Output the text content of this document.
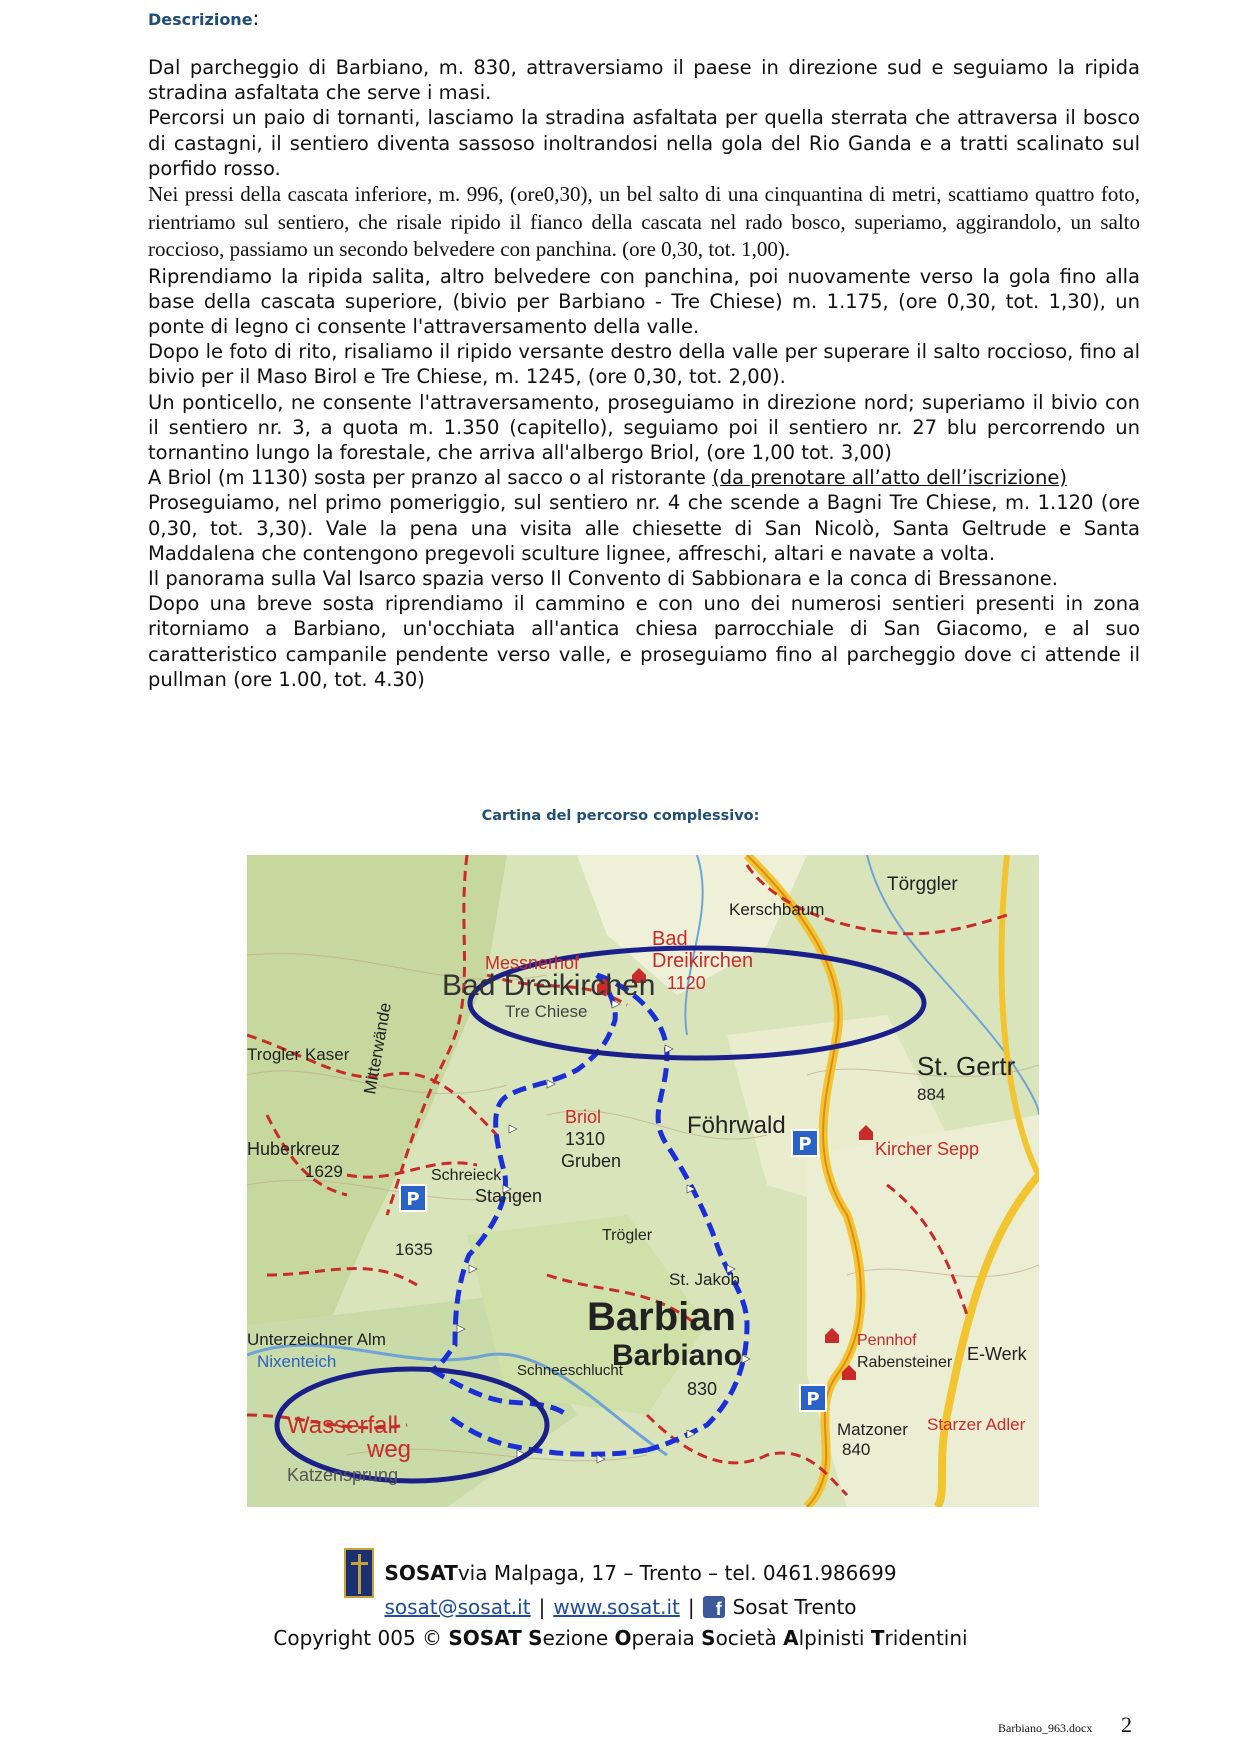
Descrizione:

Dal parcheggio di Barbiano, m. 830, attraversiamo il paese in direzione sud e seguiamo la ripida stradina asfaltata che serve i masi.

Percorsi un paio di tornanti, lasciamo la stradina asfaltata per quella sterrata che attraversa il bosco di castagni, il sentiero diventa sassoso inoltrandosi nella gola del Rio Ganda e a tratti scalinato sul porfido rosso.

Nei pressi della cascata inferiore, m. 996, (ore0,30), un bel salto di una cinquantina di metri, scattiamo quattro foto, rientriamo sul sentiero, che risale ripido il fianco della cascata nel rado bosco, superiamo, aggirandolo, un salto roccioso, passiamo un secondo belvedere con panchina. (ore 0,30, tot. 1,00).

Riprendiamo la ripida salita, altro belvedere con panchina, poi nuovamente verso la gola fino alla base della cascata superiore, (bivio per Barbiano - Tre Chiese) m. 1.175, (ore 0,30, tot. 1,30), un ponte di legno ci consente l'attraversamento della valle.

Dopo le foto di rito, risaliamo il ripido versante destro della valle per superare il salto roccioso, fino al bivio per il Maso Birol e Tre Chiese, m. 1245, (ore 0,30, tot. 2,00).

Un ponticello, ne consente l'attraversamento, proseguiamo in direzione nord; superiamo il bivio con il sentiero nr. 3, a quota m. 1.350 (capitello), seguiamo poi il sentiero nr. 27 blu percorrendo un tornantino lungo la forestale, che arriva all'albergo Briol, (ore 1,00 tot. 3,00)

A Briol (m 1130) sosta per pranzo al sacco o al ristorante (da prenotare all’atto dell’iscrizione)

Proseguiamo, nel primo pomeriggio, sul sentiero nr. 4 che scende a Bagni Tre Chiese, m. 1.120 (ore 0,30, tot. 3,30). Vale la pena una visita alle chiesette di San Nicolò, Santa Geltrude e Santa Maddalena che contengono pregevoli sculture lignee, affreschi, altari e navate a volta.

Il panorama sulla Val Isarco spazia verso Il Convento di Sabbionara e la conca di Bressanone.

Dopo una breve sosta riprendiamo il cammino e con uno dei numerosi sentieri presenti in zona ritorniamo a Barbiano, un'occhiata all'antica chiesa parrocchiale di San Giacomo, e al suo caratteristico campanile pendente verso valle, e proseguiamo fino al parcheggio dove ci attende il pullman (ore 1.00, tot. 4.30)

Cartina del percorso complessivo:
P
P
P
Bad Dreikirchen
Bad
Dreikirchen
1120
Messnerhof
Tre Chiese
Kerschbaum
Törggler
St. Gertr
884
Briol
1310
Gruben
Föhrwald
Kircher Sepp
Huberkreuz
1629	Schreieck
Stangen
1635
Trogler Kaser
St. Jakob
Barbian
Barbiano
830
Pennhof
Rabensteiner E-Werk
Wasserfall
weg
Katzensprung
Unterzeichner Alm
Nixenteich	Schneeschlucht
Matzoner
840
Starzer Adler
Trögler
Mitterwände
SOSAT via Malpaga, 17 – Trento – tel. 0461.986699
sosat@sosat.it | www.sosat.it |	f Sosat Trento
Copyright 005 © SOSAT Sezione Operaia Società Alpinisti Tridentini
Barbiano_963.docx 2
